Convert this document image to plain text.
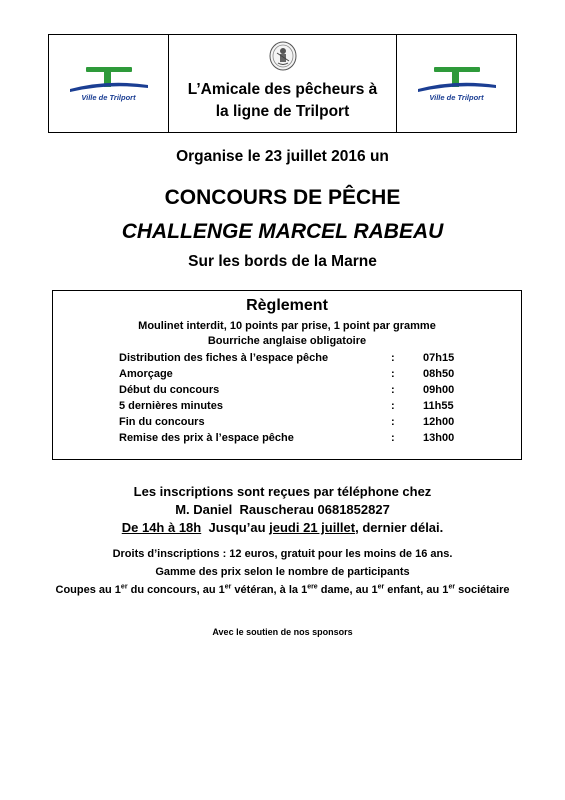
Ville de Trilport	L’Amicale des pêcheurs à
la ligne de Trilport
Ville de Trilport
Organise le 23 juillet 2016 un
CONCOURS DE PÊCHE
CHALLENGE MARCEL RABEAU
Sur les bords de la Marne
Règlement
Moulinet interdit, 10 points par prise, 1 point par gramme
Bourriche anglaise obligatoire
Distribution des fiches à l’espace pêche	:	07h15
Amorçage	:	08h50
Début du concours	:	09h00
5 dernières minutes	:	11h55
Fin du concours	:	12h00
Remise des prix à l’espace pêche	:	13h00
Les inscriptions sont reçues par téléphone chez
M. Daniel  Rauscherau 0681852827
De 14h à 18h  Jusqu’au jeudi 21 juillet, dernier délai.
Droits d’inscriptions : 12 euros, gratuit pour les moins de 16 ans.
Gamme des prix selon le nombre de participants
Coupes au 1er du concours, au 1er vétéran, à la 1ere dame, au 1er enfant, au 1er sociétaire
Avec le soutien de nos sponsors
